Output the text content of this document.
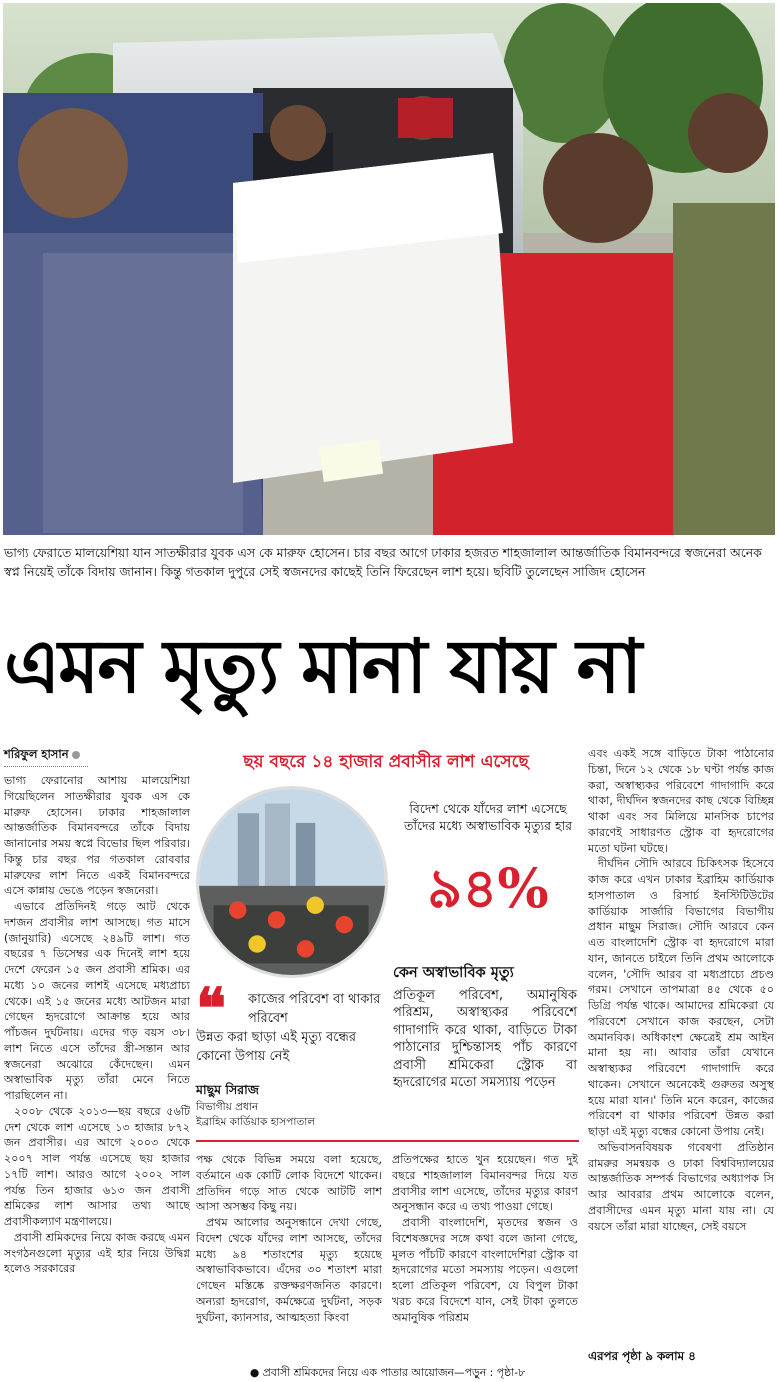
ভাগ্য ফেরাতে মালয়েশিয়া যান সাতক্ষীরার যুবক এস কে মারুফ হোসেন। চার বছর আগে ঢাকার হজরত শাহজালাল আন্তর্জাতিক বিমানবন্দরে স্বজনেরা অনেক স্বপ্ন নিয়েই তাঁকে বিদায় জানান। কিন্তু গতকাল দুপুরে সেই স্বজনদের কাছেই তিনি ফিরেছেন লাশ হয়ে। ছবিটি তুলেছেন সাজিদ হোসেন
এমন মৃত্যু মানা যায় না
শরিফুল হাসান

ভাগ্য ফেরানোর আশায় মালয়েশিয়া গিয়েছিলেন সাতক্ষীরার যুবক এস কে মারুফ হোসেন। ঢাকার শাহজালাল আন্তর্জাতিক বিমানবন্দরে তাঁকে বিদায় জানানোর সময় স্বপ্নে বিভোর ছিল পরিবার। কিন্তু চার বছর পর গতকাল রোববার মারুফের লাশ নিতে একই বিমানবন্দরে এসে কান্নায় ভেঙে পড়েন স্বজনেরা।

এভাবে প্রতিদিনই গড়ে আট থেকে দশজন প্রবাসীর লাশ আসছে। গত মাসে (জানুয়ারি) এসেছে ২৪৯টি লাশ। গত বছরের ৭ ডিসেম্বর এক দিনেই লাশ হয়ে দেশে ফেরেন ১৫ জন প্রবাসী শ্রমিক। এর মধ্যে ১০ জনের লাশই এসেছে মধ্যপ্রাচ্য থেকে। এই ১৫ জনের মধ্যে আটজন মারা গেছেন হৃদরোগে আক্রান্ত হয়ে আর পাঁচজন দুর্ঘটনায়। এদের গড় বয়স ৩৮। লাশ নিতে এসে তাঁদের স্ত্রী-সন্তান আর স্বজনেরা অঝোরে কেঁদেছেন। এমন অস্বাভাবিক মৃত্যু তাঁরা মেনে নিতে পারছিলেন না।

২০০৮ থেকে ২০১৩—ছয় বছরে ৫৬টি দেশ থেকে লাশ এসেছে ১৩ হাজার ৮৭২ জন প্রবাসীর। এর আগে ২০০৩ থেকে ২০০৭ সাল পর্যন্ত এসেছে ছয় হাজার ১৭টি লাশ। আরও আগে ২০০২ সাল পর্যন্ত তিন হাজার ৬১৩ জন প্রবাসী শ্রমিকের লাশ আসার তথ্য আছে প্রবাসীকল্যাণ মন্ত্রণালয়ে।

প্রবাসী শ্রমিকদের নিয়ে কাজ করছে এমন সংগঠনগুলো মৃত্যুর এই হার নিয়ে উদ্বিগ্ন হলেও সরকারের

ছয় বছরে ১৪ হাজার প্রবাসীর লাশ এসেছে
বিদেশ থেকে যাঁদের লাশ এসেছে তাঁদের মধ্যে অস্বাভাবিক মৃত্যুর হার
৯৪%
কেন অস্বাভাবিক মৃত্যু
প্রতিকূল পরিবেশ, অমানুষিক পরিশ্রম, অস্বাস্থ্যকর পরিবেশে গাদাগাদি করে থাকা, বাড়িতে টাকা পাঠানোর দুশ্চিন্তাসহ পাঁচ কারণে প্রবাসী শ্রমিকেরা স্ট্রোক বা হৃদরোগের মতো সমস্যায় পড়েন
❝	কাজের পরিবেশ বা থাকার পরিবেশ
উন্নত করা ছাড়া এই মৃত্যু বন্ধের কোনো উপায় নেই
মাছুম সিরাজ
বিভাগীয় প্রধান
ইব্রাহিম কার্ডিয়াক হাসপাতাল

পক্ষ থেকে বিভিন্ন সময়ে বলা হয়েছে, বর্তমানে এক কোটি লোক বিদেশে থাকেন। প্রতিদিন গড়ে সাত থেকে আটটি লাশ আসা অসম্ভব কিছু নয়।

প্রথম আলোর অনুসন্ধানে দেখা গেছে, বিদেশ থেকে যাঁদের লাশ আসছে, তাঁদের মধ্যে ৯৪ শতাংশের মৃত্যু হয়েছে অস্বাভাবিকভাবে। এঁদের ৩০ শতাংশ মারা গেছেন মস্তিষ্কে রক্তক্ষরণজনিত কারণে। অন্যরা হৃদরোগ, কর্মক্ষেত্রে দুর্ঘটনা, সড়ক দুর্ঘটনা, ক্যানসার, আত্মহত্যা কিংবা

প্রতিপক্ষের হাতে খুন হয়েছেন। গত দুই বছরে শাহজালাল বিমানবন্দর দিয়ে যত প্রবাসীর লাশ এসেছে, তাঁদের মৃত্যুর কারণ অনুসন্ধান করে এ তথ্য পাওয়া গেছে।

প্রবাসী বাংলাদেশি, মৃতদের স্বজন ও বিশেষজ্ঞদের সঙ্গে কথা বলে জানা গেছে, মূলত পাঁচটি কারণে বাংলাদেশিরা স্ট্রোক বা হৃদরোগের মতো সমস্যায় পড়েন। এগুলো হলো প্রতিকূল পরিবেশ, যে বিপুল টাকা খরচ করে বিদেশে যান, সেই টাকা তুলতে অমানুষিক পরিশ্রম

এবং একই সঙ্গে বাড়িতে টাকা পাঠানোর চিন্তা, দিনে ১২ থেকে ১৮ ঘণ্টা পর্যন্ত কাজ করা, অস্বাস্থ্যকর পরিবেশে গাদাগাদি করে থাকা, দীর্ঘদিন স্বজনদের কাছ থেকে বিচ্ছিন্ন থাকা এবং সব মিলিয়ে মানসিক চাপের কারণেই সাধারণত স্ট্রোক বা হৃদরোগের মতো ঘটনা ঘটছে।

দীর্ঘদিন সৌদি আরবে চিকিৎসক হিসেবে কাজ করে এখন ঢাকার ইব্রাহিম কার্ডিয়াক হাসপাতাল ও রিসার্চ ইনস্টিটিউটের কার্ডিয়াক সার্জারি বিভাগের বিভাগীয় প্রধান মাছুম সিরাজ। সৌদি আরবে কেন এত বাংলাদেশি স্ট্রোক বা হৃদরোগে মারা যান, জানতে চাইলে তিনি প্রথম আলোকে বলেন, 'সৌদি আরব বা মধ্যপ্রাচ্যে প্রচণ্ড গরম। সেখানে তাপমাত্রা ৪৫ থেকে ৫০ ডিগ্রি পর্যন্ত থাকে। আমাদের শ্রমিকেরা যে পরিবেশে সেখানে কাজ করছেন, সেটা অমানবিক। অধিকাংশ ক্ষেত্রেই শ্রম আইন মানা হয় না। আবার তাঁরা যেখানে অস্বাস্থ্যকর পরিবেশে গাদাগাদি করে থাকেন। সেখানে অনেকেই গুরুতর অসুস্থ হয়ে মারা যান।' তিনি মনে করেন, কাজের পরিবেশ বা থাকার পরিবেশ উন্নত করা ছাড়া এই মৃত্যু বন্ধের কোনো উপায় নেই।

অভিবাসনবিষয়ক গবেষণা প্রতিষ্ঠান রামরুর সমন্বয়ক ও ঢাকা বিশ্ববিদ্যালয়ের আন্তর্জাতিক সম্পর্ক বিভাগের অধ্যাপক সি আর আবরার প্রথম আলোকে বলেন, প্রবাসীদের এমন মৃত্যু মানা যায় না। যে বয়সে তাঁরা মারা যাচ্ছেন, সেই বয়সে

এরপর পৃষ্ঠা ৯ কলাম ৪
● প্রবাসী শ্রমিকদের নিয়ে এক পাতার আয়োজন—পড়ুন : পৃষ্ঠা-৮
